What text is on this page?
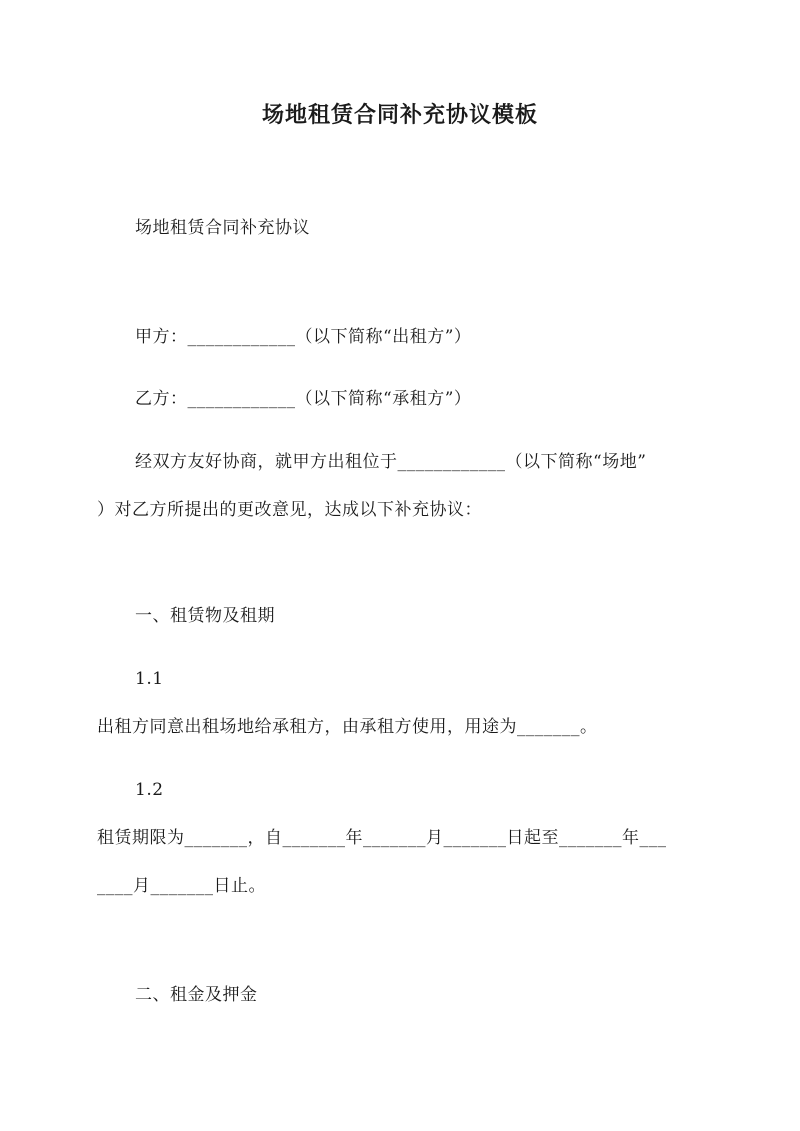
场地租赁合同补充协议模板
场地租赁合同补充协议
甲方：____________（以下简称“出租方”）
乙方：____________（以下简称“承租方”）
经双方友好协商，就甲方出租位于____________（以下简称“场地”
）对乙方所提出的更改意见，达成以下补充协议：
一、租赁物及租期
1.1
出租方同意出租场地给承租方，由承租方使用，用途为_______。
1.2
租赁期限为_______，自_______年_______月_______日起至_______年___
____月_______日止。
二、租金及押金
